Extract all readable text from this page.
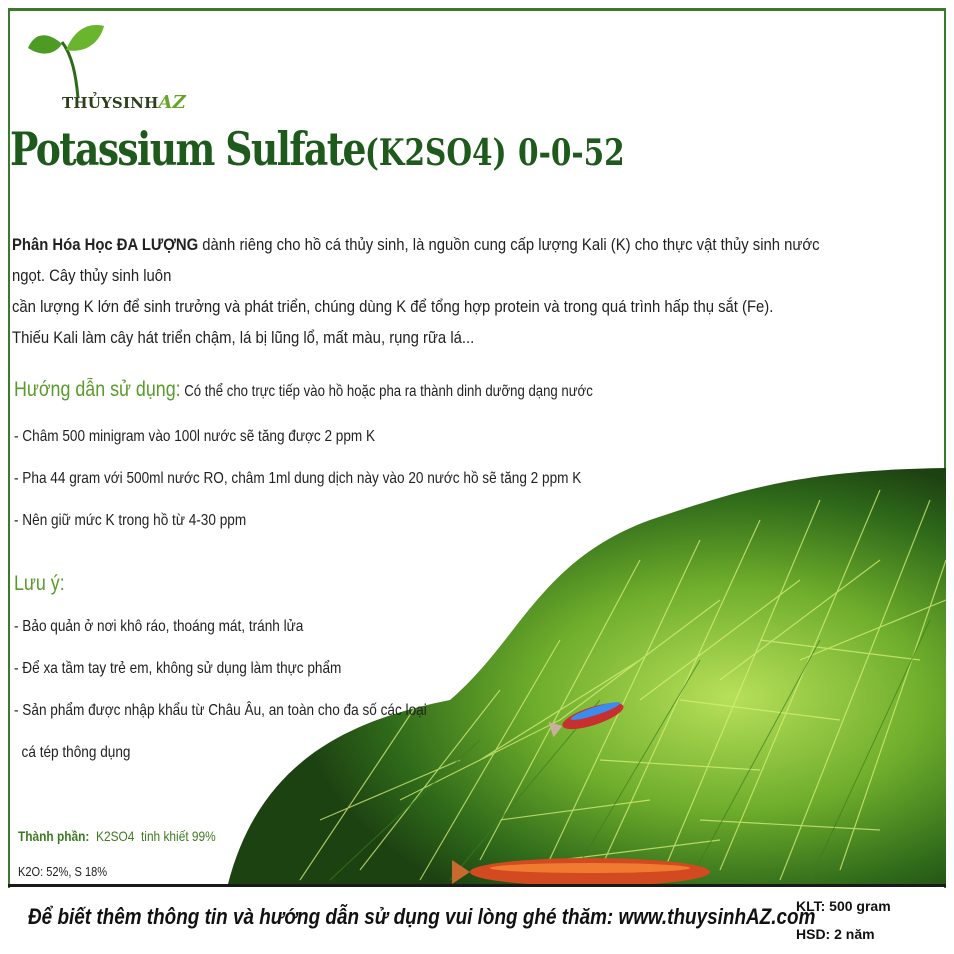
THỦYSINHAZ
Potassium Sulfate(K2SO4) 0-0-52
Phân Hóa Học ĐA LƯỢNG dành riêng cho hồ cá thủy sinh, là nguồn cung cấp lượng Kali (K) cho thực vật thủy sinh nước ngọt. Cây thủy sinh luôn
cần lượng K lớn để sinh trưởng và phát triển, chúng dùng K để tổng hợp protein và trong quá trình hấp thụ sắt (Fe).
Thiếu Kali làm cây hát triển chậm, lá bị lũng lổ, mất màu, rụng rữa lá...
Hướng dẫn sử dụng: Có thể cho trực tiếp vào hồ hoặc pha ra thành dinh dưỡng dạng nước
- Châm 500 minigram vào 100l nước sẽ tăng được 2 ppm K
- Pha 44 gram với 500ml nước RO, châm 1ml dung dịch này vào 20 nước hồ sẽ tăng 2 ppm K
- Nên giữ mức K trong hồ từ 4-30 ppm
Lưu ý:
- Bảo quản ở nơi khô ráo, thoáng mát, tránh lửa
- Để xa tầm tay trẻ em, không sử dụng làm thực phẩm
- Sản phẩm được nhập khẩu từ Châu Âu, an toàn cho đa số các loại
cá tép thông dụng
Thành phần:  K2SO4  tinh khiết 99%
K2O: 52%, S 18%
Để biết thêm thông tin và hướng dẫn sử dụng vui lòng ghé thăm: www.thuysinhAZ.com
KLT: 500 gram
HSD: 2 năm
